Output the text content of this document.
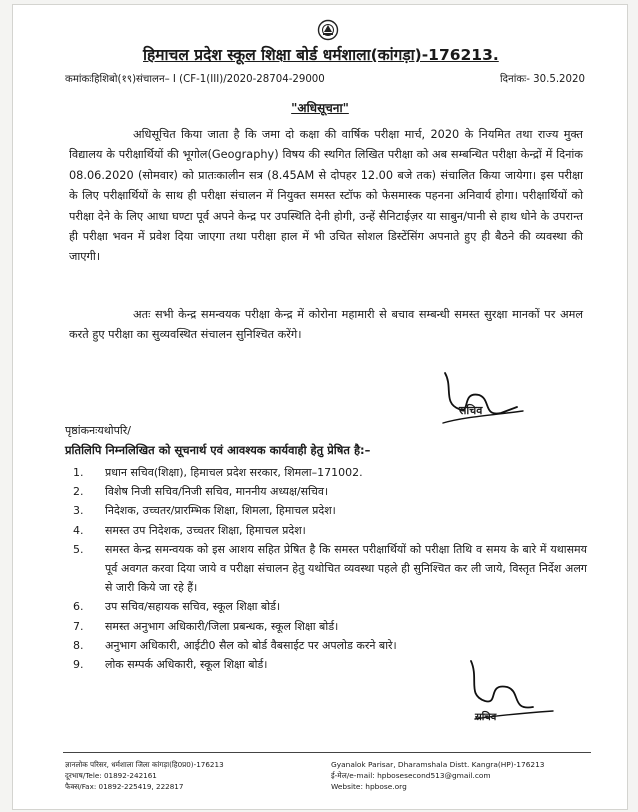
हिमाचल प्रदेश स्कूल शिक्षा बोर्ड धर्मशाला(कांगड़ा)-176213.
कमांकःहिशिबो(१९)संचालन– I (CF-1(III)/2020-28704-29000	दिनांकः- 30.5.2020
"अधिसूचना"
अधिसूचित किया जाता है कि जमा दो कक्षा की वार्षिक परीक्षा मार्च, 2020 के नियमित तथा राज्य मुक्त विद्यालय के परीक्षार्थियों की भूगोल(Geography) विषय की स्थगित लिखित परीक्षा को अब सम्बन्धित परीक्षा केन्द्रों में दिनांक 08.06.2020 (सोमवार) को प्रातःकालीन सत्र (8.45AM से दोपहर 12.00 बजे तक) संचालित किया जायेगा। इस परीक्षा के लिए परीक्षार्थियों के साथ ही परीक्षा संचालन में नियुक्त समस्त स्टॉफ को फेसमास्क पहनना अनिवार्य होगा। परीक्षार्थियों को परीक्षा देने के लिए आधा घण्टा पूर्व अपने केन्द्र पर उपस्थिति देनी होगी, उन्हें सैनिटाईज़र या साबुन/पानी से हाथ धोने के उपरान्त ही परीक्षा भवन में प्रवेश दिया जाएगा तथा परीक्षा हाल में भी उचित सोशल डिस्टेंसिंग अपनाते हुए ही बैठने की व्यवस्था की जाएगी।
अतः सभी केन्द्र समन्वयक परीक्षा केन्द्र में कोरोना महामारी से बचाव सम्बन्धी समस्त सुरक्षा मानकों पर अमल करते हुए परीक्षा का सुव्यवस्थित संचालन सुनिश्चित करेंगे।
सचिव
पृष्ठांकनःयथोपरि/
प्रतिलिपि निम्नलिखित को सूचनार्थ एवं आवश्यक कार्यवाही हेतु प्रेषित है:–
1.	प्रधान सचिव(शिक्षा), हिमाचल प्रदेश सरकार, शिमला–171002.
2.	विशेष निजी सचिव/निजी सचिव, माननीय अध्यक्ष/सचिव।
3.	निदेशक, उच्चतर/प्रारम्भिक शिक्षा, शिमला, हिमाचल प्रदेश।
4.	समस्त उप निदेशक, उच्चतर शिक्षा, हिमाचल प्रदेश।
5.	समस्त केन्द्र समन्वयक को इस आशय सहित प्रेषित है कि समस्त परीक्षार्थियों को परीक्षा तिथि व समय के बारे में यथासमय पूर्व अवगत करवा दिया जाये व परीक्षा संचालन हेतु यथोचित व्यवस्था पहले ही सुनिश्चित कर ली जाये, विस्तृत निर्देश अलग से जारी किये जा रहे हैं।
6.	उप सचिव/सहायक सचिव, स्कूल शिक्षा बोर्ड।
7.	समस्त अनुभाग अधिकारी/जिला प्रबन्धक, स्कूल शिक्षा बोर्ड।
8.	अनुभाग अधिकारी, आईटी0 सैल को बोर्ड वैबसाईट पर अपलोड करने बारे।
9.	लोक सम्पर्क अधिकारी, स्कूल शिक्षा बोर्ड।
सचिव
ज्ञानलोक परिसर, धर्मशाला जिला कांगड़ा(हि0प्र0)-176213
दूरभाष/Tele: 01892-242161
फैक्स/Fax: 01892-225419, 222817
Gyanalok Parisar, Dharamshala Distt. Kangra(HP)-176213
ई-मेल/e-mail: hpbosesecond513@gmail.com
Website: hpbose.org
